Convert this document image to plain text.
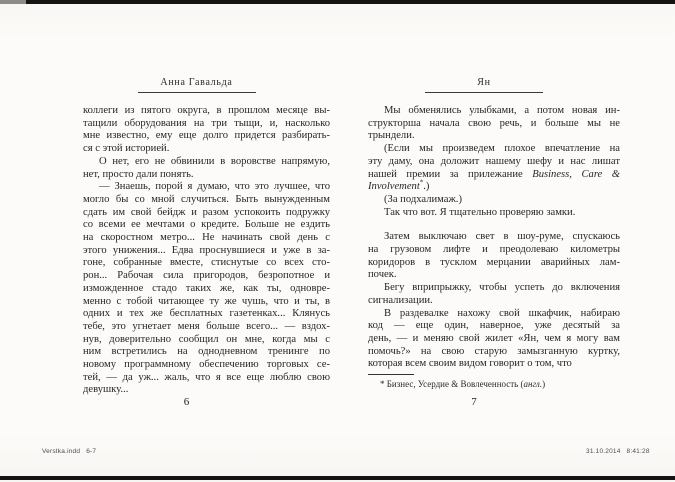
Анна Гавальда
коллеги из пятого округа, в прошлом месяце вы-
тащили оборудования на три тыщи, и, насколько
мне известно, ему еще долго придется разбирать-
ся с этой историей.
О нет, его не обвинили в воровстве напрямую,
нет, просто дали понять.
— Знаешь, порой я думаю, что это лучшее, что
могло бы со мной случиться. Быть вынужденным
сдать им свой бейдж и разом успокоить подружку
со всеми ее мечтами о кредите. Больше не ездить
на скоростном метро... Не начинать свой день с
этого унижения... Едва проснувшиеся и уже в за-
гоне, собранные вместе, стиснутые со всех сто-
рон... Рабочая сила пригородов, безропотное и
изможденное стадо таких же, как ты, одновре-
менно с тобой читающее ту же чушь, что и ты, в
одних и тех же бесплатных газетенках... Клянусь
тебе, это угнетает меня больше всего... — вздох-
нув, доверительно сообщил он мне, когда мы с
ним встретились на однодневном тренинге по
новому программному обеспечению торговых се-
тей, — да уж... жаль, что я все еще люблю свою
девушку...
6
Ян
Мы обменялись улыбками, а потом новая ин-
структорша начала свою речь, и больше мы не
трындели.
(Если мы произведем плохое впечатление на
эту даму, она доложит нашему шефу и нас лишат
нашей премии за прилежание Business, Care &
Involvement*.)
(За подхалимаж.)
Так что вот. Я тщательно проверяю замки.
Затем выключаю свет в шоу-руме, спускаюсь
на грузовом лифте и преодолеваю километры
коридоров в тусклом мерцании аварийных лам-
почек.
Бегу вприпрыжку, чтобы успеть до включения
сигнализации.
В раздевалке нахожу свой шкафчик, набираю
код — еще один, наверное, уже десятый за
день, — и меняю свой жилет «Ян, чем я могу вам
помочь?» на свою старую замызганную куртку,
которая всем своим видом говорит о том, что
* Бизнес, Усердие & Вовлеченность (англ.)
7
Verstka.indd   6-7	31.10.2014   8:41:28
